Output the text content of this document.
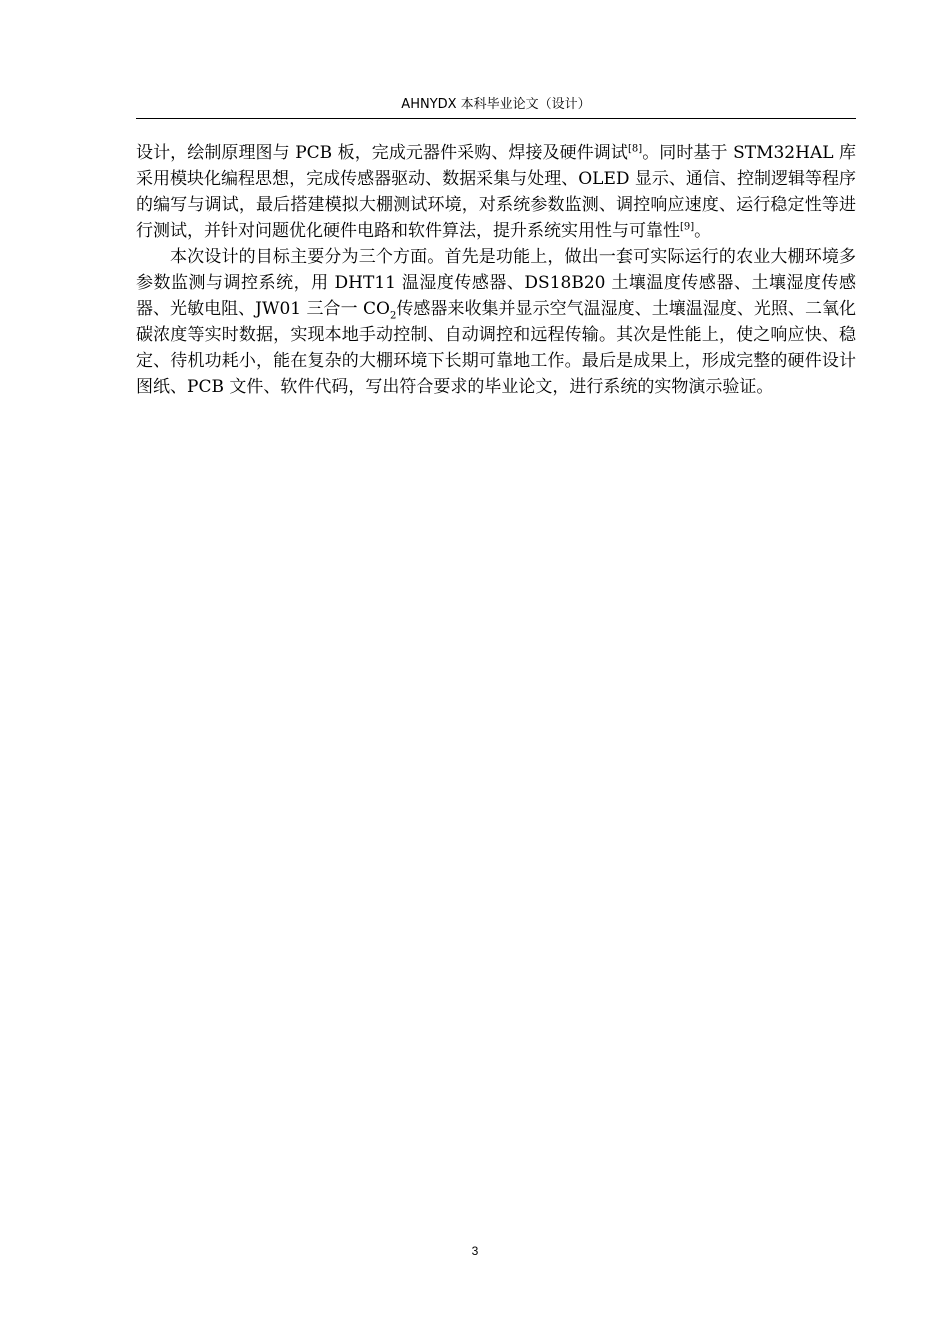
AHNYDX 本科毕业论文（设计）

设计，绘制原理图与 PCB 板，完成元器件采购、焊接及硬件调试[8]。同时基于 STM32HAL 库采用模块化编程思想，完成传感器驱动、数据采集与处理、OLED 显示、通信、控制逻辑等程序的编写与调试，最后搭建模拟大棚测试环境，对系统参数监测、调控响应速度、运行稳定性等进行测试，并针对问题优化硬件电路和软件算法，提升系统实用性与可靠性[9]。

本次设计的目标主要分为三个方面。首先是功能上，做出一套可实际运行的农业大棚环境多参数监测与调控系统，用 DHT11 温湿度传感器、DS18B20 土壤温度传感器、土壤湿度传感器、光敏电阻、JW01 三合一 $CO_2$传感器来收集并显示空气温湿度、土壤温湿度、光照、二氧化碳浓度等实时数据，实现本地手动控制、自动调控和远程传输。其次是性能上，使之响应快、稳定、待机功耗小，能在复杂的大棚环境下长期可靠地工作。最后是成果上，形成完整的硬件设计图纸、PCB 文件、软件代码，写出符合要求的毕业论文，进行系统的实物演示验证。

3
